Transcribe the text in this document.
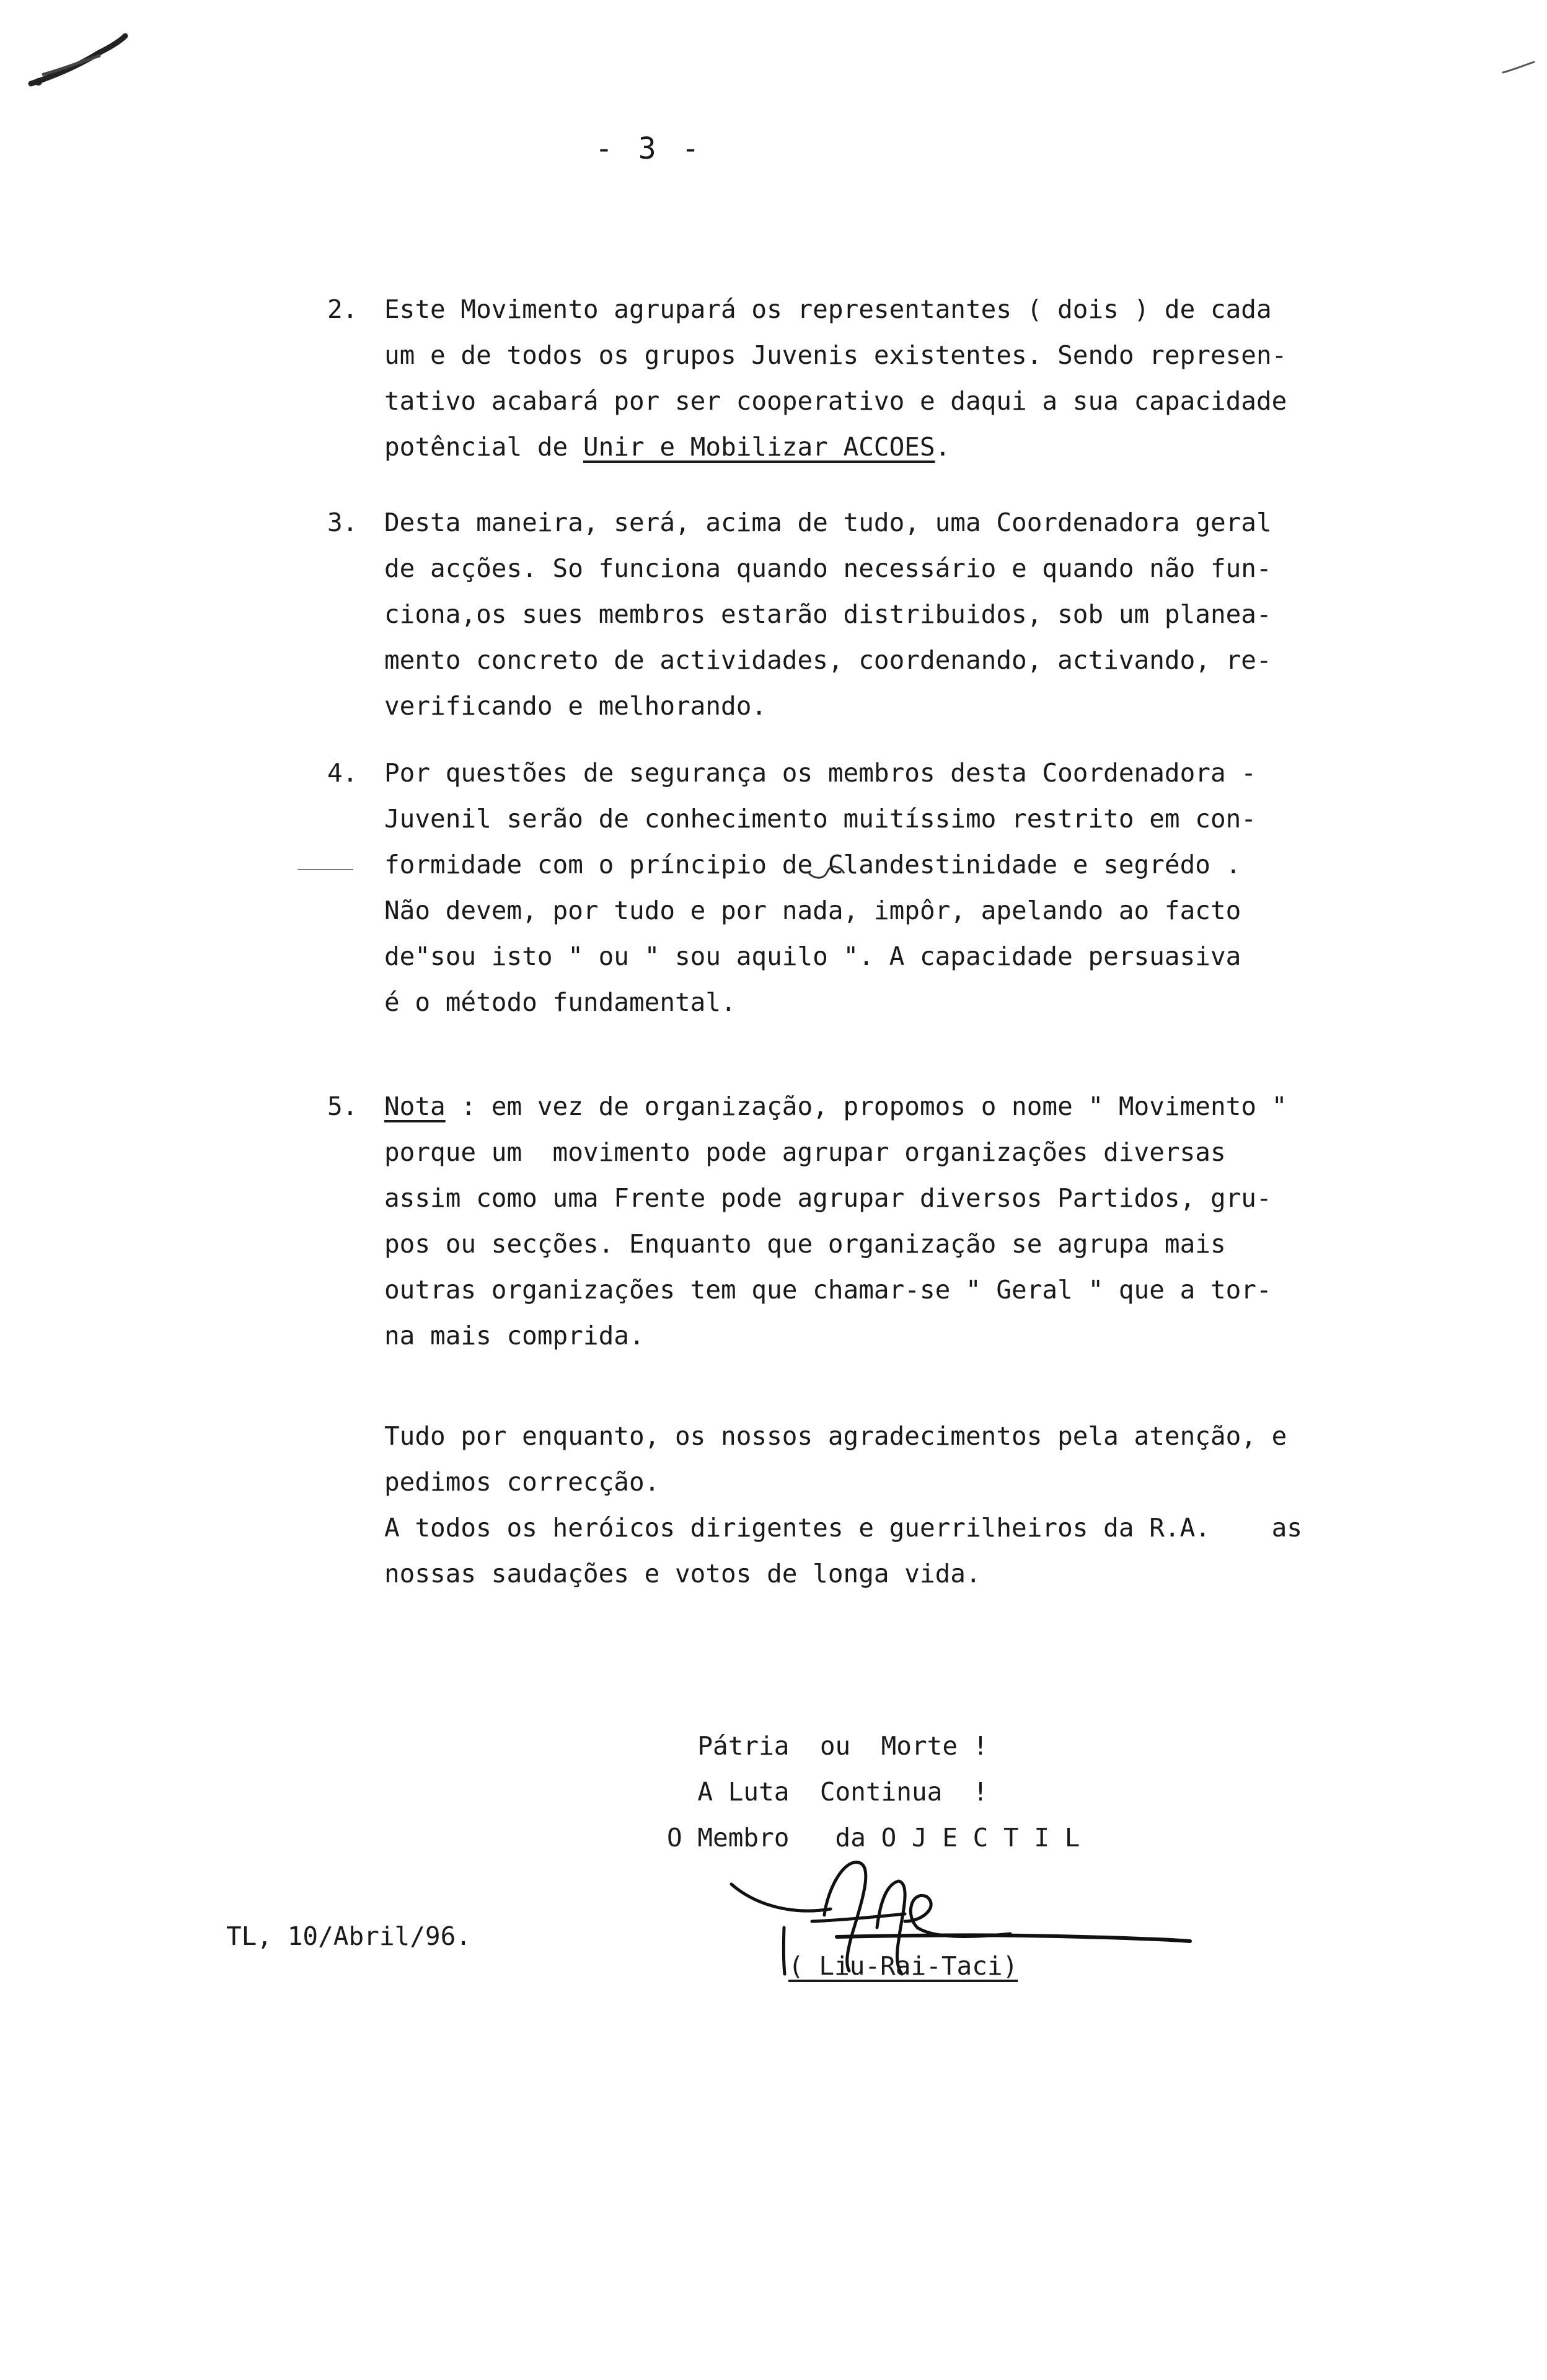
- 3 -
2. Este Movimento agrupará os representantes ( dois ) de cada
um e de todos os grupos Juvenis existentes. Sendo represen-
tativo acabará por ser cooperativo e daqui a sua capacidade
potêncial de Unir e Mobilizar ACCOES.
3. Desta maneira, será, acima de tudo, uma Coordenadora geral
de acções. So funciona quando necessário e quando não fun-
ciona,os sues membros estarão distribuidos, sob um planea-
mento concreto de actividades, coordenando, activando, re-
verificando e melhorando.
4. Por questões de segurança os membros desta Coordenadora -
Juvenil serão de conhecimento muitíssimo restrito em con-
formidade com o príncipio de Clandestinidade e segrédo .
Não devem, por tudo e por nada, impôr, apelando ao facto
de"sou isto " ou " sou aquilo ". A capacidade persuasiva
é o método fundamental.
5. Nota : em vez de organização, propomos o nome " Movimento "
porque um  movimento pode agrupar organizações diversas
assim como uma Frente pode agrupar diversos Partidos, gru-
pos ou secções. Enquanto que organização se agrupa mais
outras organizações tem que chamar-se " Geral " que a tor-
na mais comprida.
Tudo por enquanto, os nossos agradecimentos pela atenção, e
pedimos correcção.
A todos os heróicos dirigentes e guerrilheiros da R.A.    as
nossas saudações e votos de longa vida.
Pátria  ou  Morte !
A Luta  Continua  !
O Membro   da O J E C T I L
TL, 10/Abril/96.
( Liu-Rai-Taci)
